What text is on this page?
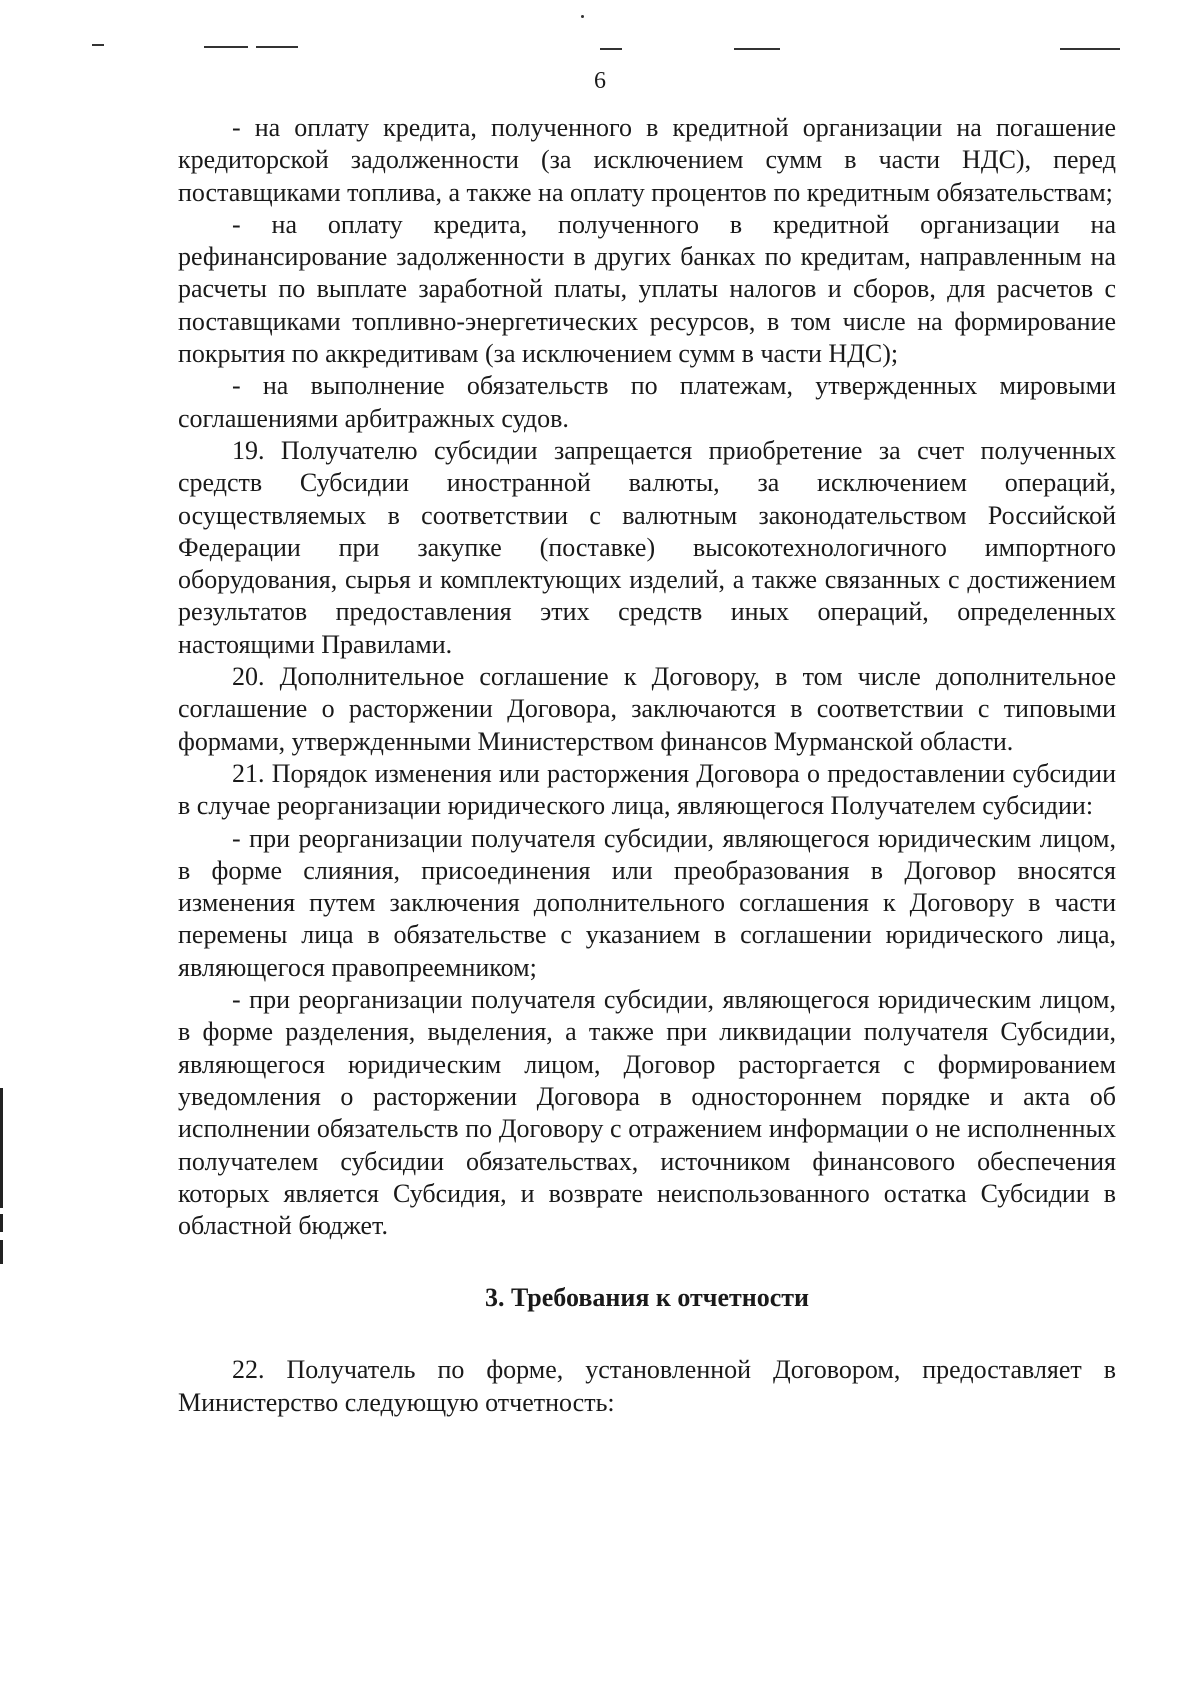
6

- на оплату кредита, полученного в кредитной организации на погашение кредиторской задолженности (за исключением сумм в части НДС), перед поставщиками топлива, а также на оплату процентов по кредитным обязательствам;

- на оплату кредита, полученного в кредитной организации на рефинансирование задолженности в других банках по кредитам, направленным на расчеты по выплате заработной платы, уплаты налогов и сборов, для расчетов с поставщиками топливно-энергетических ресурсов, в том числе на формирование покрытия по аккредитивам (за исключением сумм в части НДС);

- на выполнение обязательств по платежам, утвержденных мировыми соглашениями арбитражных судов.

19. Получателю субсидии запрещается приобретение за счет полученных средств Субсидии иностранной валюты, за исключением операций, осуществляемых в соответствии с валютным законодательством Российской Федерации при закупке (поставке) высокотехнологичного импортного оборудования, сырья и комплектующих изделий, а также связанных с достижением результатов предоставления этих средств иных операций, определенных настоящими Правилами.

20. Дополнительное соглашение к Договору, в том числе дополнительное соглашение о расторжении Договора, заключаются в соответствии с типовыми формами, утвержденными Министерством финансов Мурманской области.

21. Порядок изменения или расторжения Договора о предоставлении субсидии в случае реорганизации юридического лица, являющегося Получателем субсидии:

- при реорганизации получателя субсидии, являющегося юридическим лицом, в форме слияния, присоединения или преобразования в Договор вносятся изменения путем заключения дополнительного соглашения к Договору в части перемены лица в обязательстве с указанием в соглашении юридического лица, являющегося правопреемником;

- при реорганизации получателя субсидии, являющегося юридическим лицом, в форме разделения, выделения, а также при ликвидации получателя Субсидии, являющегося юридическим лицом, Договор расторгается с формированием уведомления о расторжении Договора в одностороннем порядке и акта об исполнении обязательств по Договору с отражением информации о не исполненных получателем субсидии обязательствах, источником финансового обеспечения которых является Субсидия, и возврате неиспользованного остатка Субсидии в областной бюджет.

3. Требования к отчетности

22. Получатель по форме, установленной Договором, предоставляет в Министерство следующую отчетность:
